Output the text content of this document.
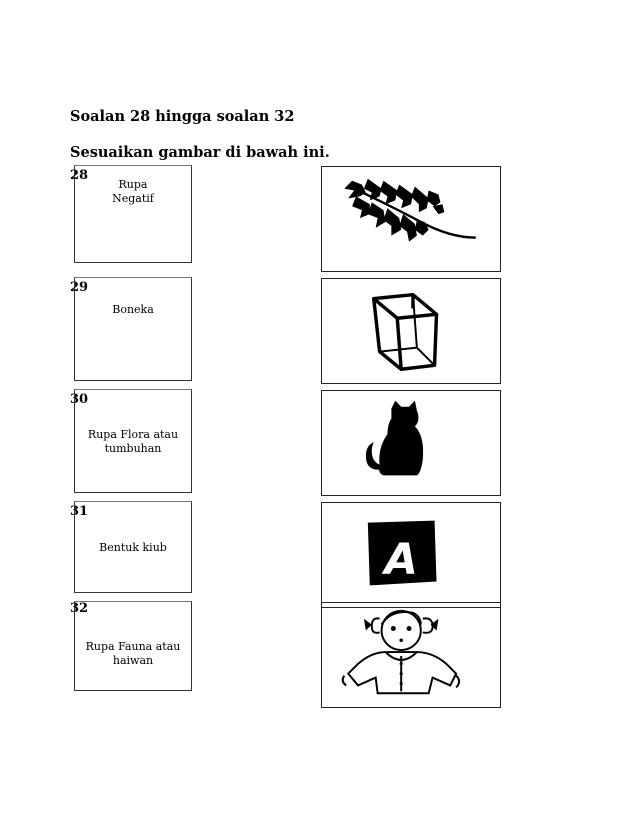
Soalan 28 hingga soalan 32
Sesuaikan gambar di bawah ini.
28
Rupa
Negatif
29
Boneka
30
Rupa Flora atau
tumbuhan
31
Bentuk kiub
32
Rupa Fauna atau
haiwan
A
